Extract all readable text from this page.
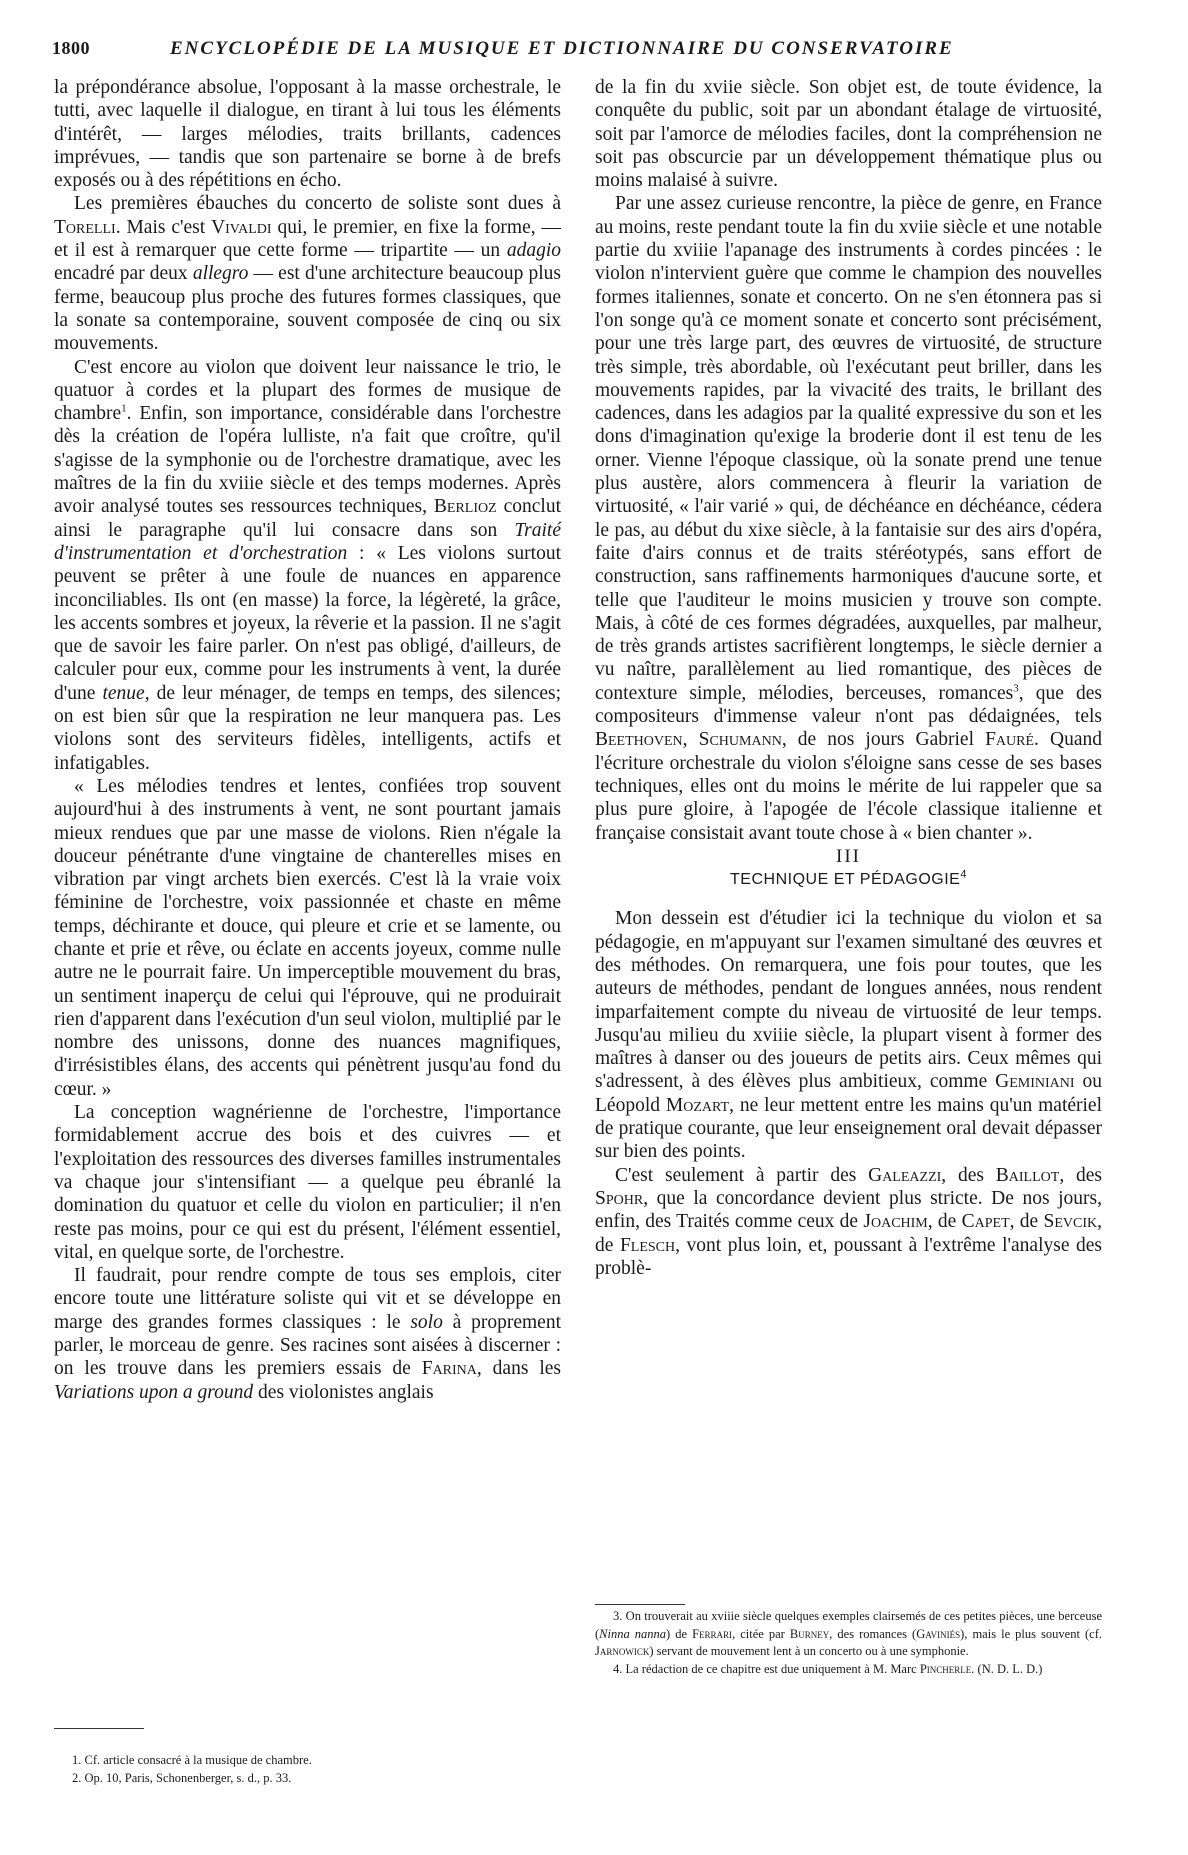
1800	ENCYCLOPÉDIE DE LA MUSIQUE ET DICTIONNAIRE DU CONSERVATOIRE

la prépondérance absolue, l'opposant à la masse orchestrale, le tutti, avec laquelle il dialogue, en tirant à lui tous les éléments d'intérêt, — larges mélodies, traits brillants, cadences imprévues, — tandis que son partenaire se borne à de brefs exposés ou à des répétitions en écho.

Les premières ébauches du concerto de soliste sont dues à Torelli. Mais c'est Vivaldi qui, le premier, en fixe la forme, — et il est à remarquer que cette forme — tripartite — un adagio encadré par deux allegro — est d'une architecture beaucoup plus ferme, beaucoup plus proche des futures formes classiques, que la sonate sa contemporaine, souvent composée de cinq ou six mouvements.

C'est encore au violon que doivent leur naissance le trio, le quatuor à cordes et la plupart des formes de musique de chambre$^1$. Enfin, son importance, considérable dans l'orchestre dès la création de l'opéra lulliste, n'a fait que croître, qu'il s'agisse de la symphonie ou de l'orchestre dramatique, avec les maîtres de la fin du xviiie siècle et des temps modernes. Après avoir analysé toutes ses ressources techniques, Berlioz conclut ainsi le paragraphe qu'il lui consacre dans son Traité d'instrumentation et d'orchestration : « Les violons surtout peuvent se prêter à une foule de nuances en apparence inconciliables. Ils ont (en masse) la force, la légèreté, la grâce, les accents sombres et joyeux, la rêverie et la passion. Il ne s'agit que de savoir les faire parler. On n'est pas obligé, d'ailleurs, de calculer pour eux, comme pour les instruments à vent, la durée d'une tenue, de leur ménager, de temps en temps, des silences; on est bien sûr que la respiration ne leur manquera pas. Les violons sont des serviteurs fidèles, intelligents, actifs et infatigables.

« Les mélodies tendres et lentes, confiées trop souvent aujourd'hui à des instruments à vent, ne sont pourtant jamais mieux rendues que par une masse de violons. Rien n'égale la douceur pénétrante d'une vingtaine de chanterelles mises en vibration par vingt archets bien exercés. C'est là la vraie voix féminine de l'orchestre, voix passionnée et chaste en même temps, déchirante et douce, qui pleure et crie et se lamente, ou chante et prie et rêve, ou éclate en accents joyeux, comme nulle autre ne le pourrait faire. Un imperceptible mouvement du bras, un sentiment inaperçu de celui qui l'éprouve, qui ne produirait rien d'apparent dans l'exécution d'un seul violon, multiplié par le nombre des unissons, donne des nuances magnifiques, d'irrésistibles élans, des accents qui pénètrent jusqu'au fond du cœur. »

La conception wagnérienne de l'orchestre, l'importance formidablement accrue des bois et des cuivres — et l'exploitation des ressources des diverses familles instrumentales va chaque jour s'intensifiant — a quelque peu ébranlé la domination du quatuor et celle du violon en particulier; il n'en reste pas moins, pour ce qui est du présent, l'élément essentiel, vital, en quelque sorte, de l'orchestre.

Il faudrait, pour rendre compte de tous ses emplois, citer encore toute une littérature soliste qui vit et se développe en marge des grandes formes classiques : le solo à proprement parler, le morceau de genre. Ses racines sont aisées à discerner : on les trouve dans les premiers essais de Farina, dans les Variations upon a ground des violonistes anglais

de la fin du xviie siècle. Son objet est, de toute évidence, la conquête du public, soit par un abondant étalage de virtuosité, soit par l'amorce de mélodies faciles, dont la compréhension ne soit pas obscurcie par un développement thématique plus ou moins malaisé à suivre.

Par une assez curieuse rencontre, la pièce de genre, en France au moins, reste pendant toute la fin du xviie siècle et une notable partie du xviiie l'apanage des instruments à cordes pincées : le violon n'intervient guère que comme le champion des nouvelles formes italiennes, sonate et concerto. On ne s'en étonnera pas si l'on songe qu'à ce moment sonate et concerto sont précisément, pour une très large part, des œuvres de virtuosité, de structure très simple, très abordable, où l'exécutant peut briller, dans les mouvements rapides, par la vivacité des traits, le brillant des cadences, dans les adagios par la qualité expressive du son et les dons d'imagination qu'exige la broderie dont il est tenu de les orner. Vienne l'époque classique, où la sonate prend une tenue plus austère, alors commencera à fleurir la variation de virtuosité, « l'air varié » qui, de déchéance en déchéance, cédera le pas, au début du xixe siècle, à la fantaisie sur des airs d'opéra, faite d'airs connus et de traits stéréotypés, sans effort de construction, sans raffinements harmoniques d'aucune sorte, et telle que l'auditeur le moins musicien y trouve son compte. Mais, à côté de ces formes dégradées, auxquelles, par malheur, de très grands artistes sacrifièrent longtemps, le siècle dernier a vu naître, parallèlement au lied romantique, des pièces de contexture simple, mélodies, berceuses, romances$^3$, que des compositeurs d'immense valeur n'ont pas dédaignées, tels Beethoven, Schumann, de nos jours Gabriel Fauré. Quand l'écriture orchestrale du violon s'éloigne sans cesse de ses bases techniques, elles ont du moins le mérite de lui rappeler que sa plus pure gloire, à l'apogée de l'école classique italienne et française consistait avant toute chose à « bien chanter ».

III

TECHNIQUE ET PÉDAGOGIE$^4$

Mon dessein est d'étudier ici la technique du violon et sa pédagogie, en m'appuyant sur l'examen simultané des œuvres et des méthodes. On remarquera, une fois pour toutes, que les auteurs de méthodes, pendant de longues années, nous rendent imparfaitement compte du niveau de virtuosité de leur temps. Jusqu'au milieu du xviiie siècle, la plupart visent à former des maîtres à danser ou des joueurs de petits airs. Ceux mêmes qui s'adressent, à des élèves plus ambitieux, comme Geminiani ou Léopold Mozart, ne leur mettent entre les mains qu'un matériel de pratique courante, que leur enseignement oral devait dépasser sur bien des points.

C'est seulement à partir des Galeazzi, des Baillot, des Spohr, que la concordance devient plus stricte. De nos jours, enfin, des Traités comme ceux de Joachim, de Capet, de Sevcik, de Flesch, vont plus loin, et, poussant à l'extrême l'analyse des problè-

1. Cf. article consacré à la musique de chambre.

2. Op. 10, Paris, Schonenberger, s. d., p. 33.

3. On trouverait au xviiie siècle quelques exemples clairsemés de ces petites pièces, une berceuse (Ninna nanna) de Ferrari, citée par Burney, des romances (Gaviniés), mais le plus souvent (cf. Jarnowick) servant de mouvement lent à un concerto ou à une symphonie.

4. La rédaction de ce chapitre est due uniquement à M. Marc Pincherle. (N. D. L. D.)
